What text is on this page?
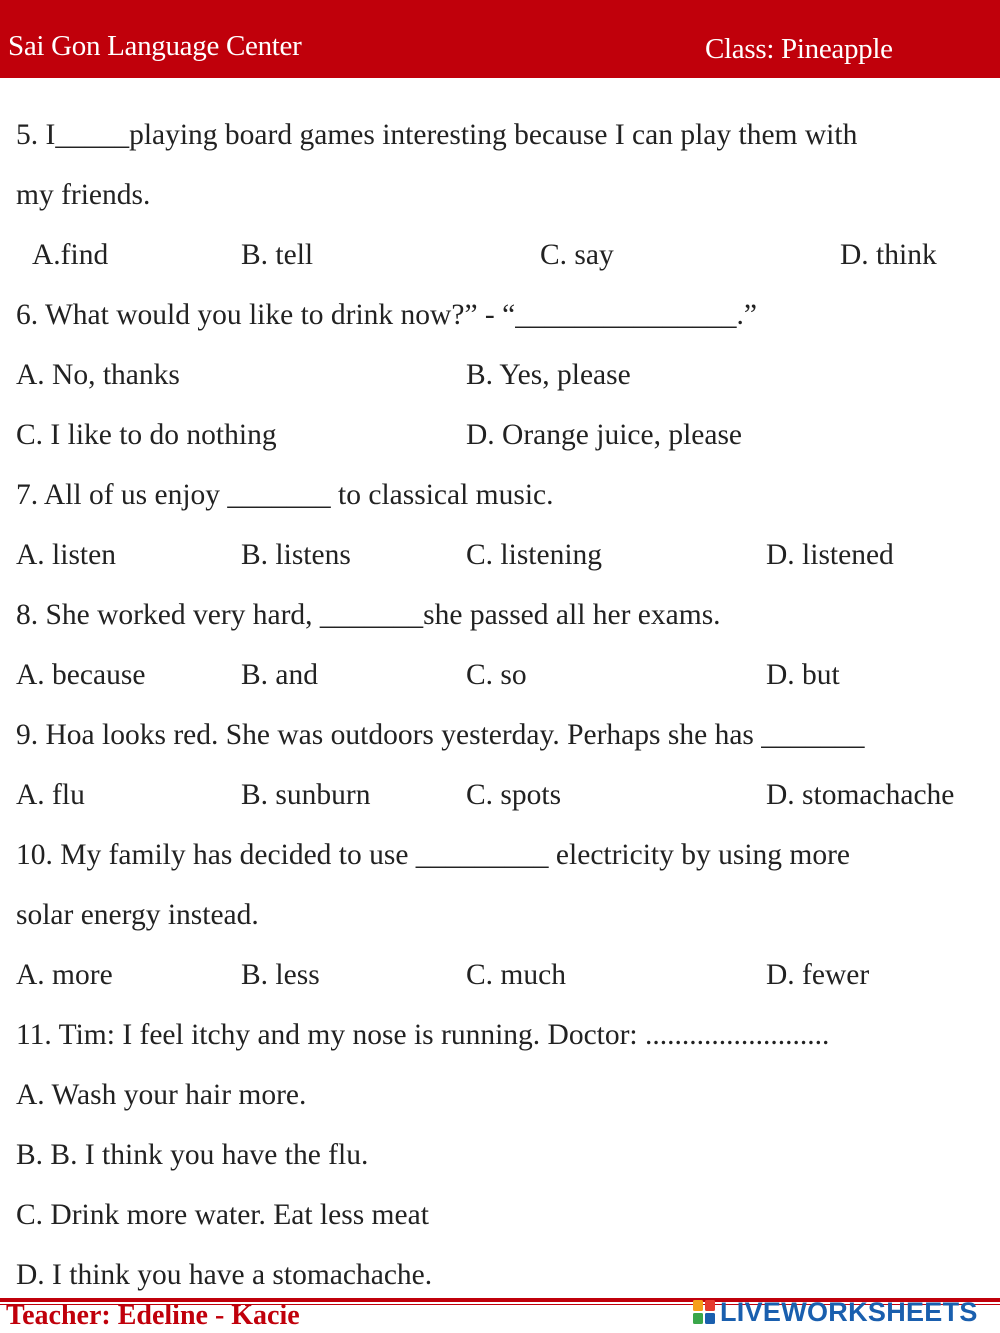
Sai Gon Language Center	Class: Pineapple
5. I_____playing board games interesting because I can play them with
my friends.
A.find	B. tell	C. say	D. think
6. What would you like to drink now?” - “_______________.”
A. No, thanks	B. Yes, please
C. I like to do nothing	D. Orange juice, please
7. All of us enjoy _______ to classical music.
A. listen	B. listens	C. listening	D. listened
8. She worked very hard, _______she passed all her exams.
A. because	B. and	C. so	D. but
9. Hoa looks red. She was outdoors yesterday. Perhaps she has _______
A. flu	B. sunburn	C. spots	D. stomachache
10. My family has decided to use _________ electricity by using more
solar energy instead.
A. more	B. less	C. much	D. fewer
11. Tim: I feel itchy and my nose is running. Doctor: .........................
A. Wash your hair more.
B. B. I think you have the flu.
C. Drink more water. Eat less meat
D. I think you have a stomachache.
Teacher: Edeline - Kacie	LIVEWORKSHEETS
